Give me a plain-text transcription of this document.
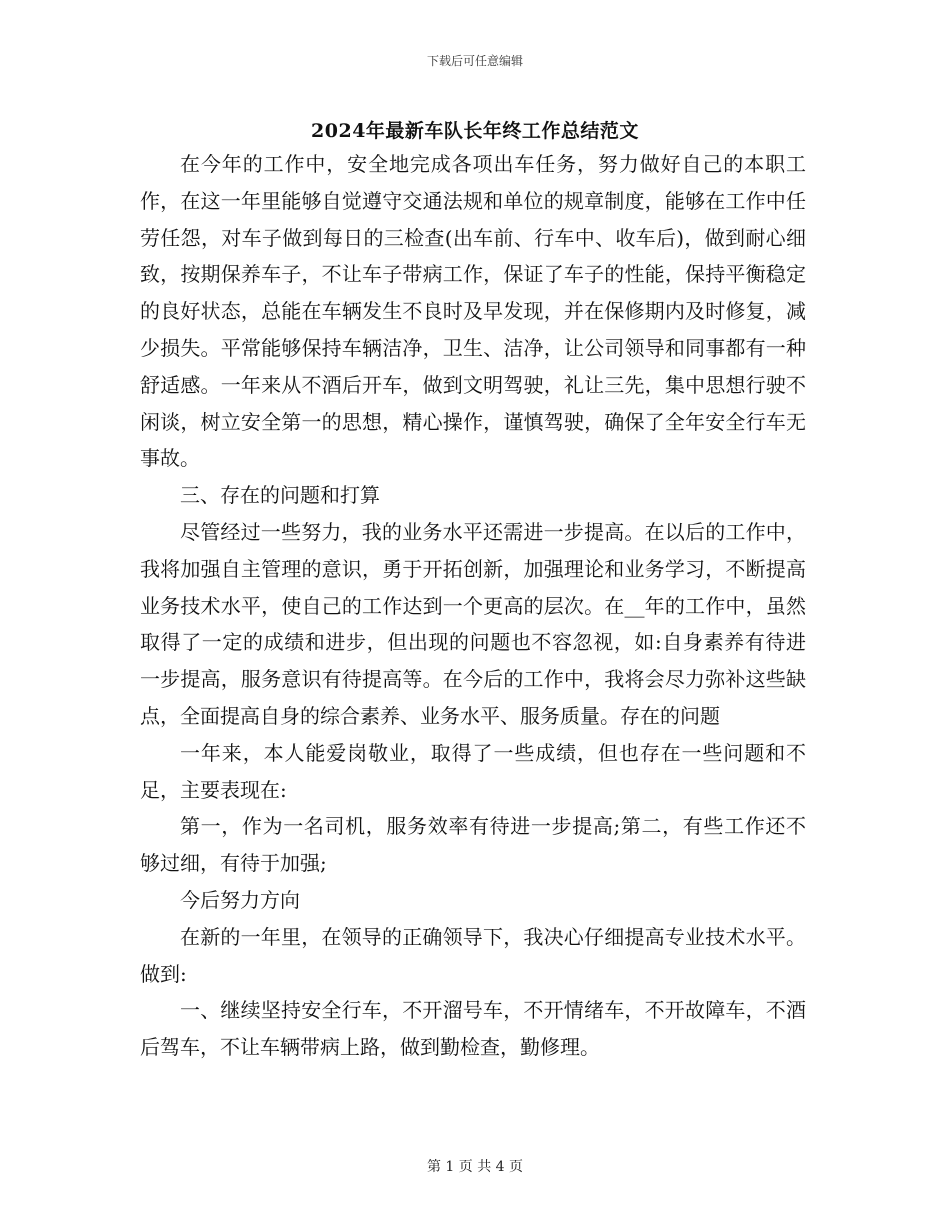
下载后可任意编辑
2024年最新车队长年终工作总结范文

在今年的工作中，安全地完成各项出车任务，努力做好自己的本职工作，在这一年里能够自觉遵守交通法规和单位的规章制度，能够在工作中任劳任怨，对车子做到每日的三检查(出车前、行车中、收车后)，做到耐心细致，按期保养车子，不让车子带病工作，保证了车子的性能，保持平衡稳定的良好状态，总能在车辆发生不良时及早发现，并在保修期内及时修复，减少损失。平常能够保持车辆洁净，卫生、洁净，让公司领导和同事都有一种舒适感。一年来从不酒后开车，做到文明驾驶，礼让三先，集中思想行驶不闲谈，树立安全第一的思想，精心操作，谨慎驾驶，确保了全年安全行车无事故。

三、存在的问题和打算

尽管经过一些努力，我的业务水平还需进一步提高。在以后的工作中，我将加强自主管理的意识，勇于开拓创新，加强理论和业务学习，不断提高业务技术水平，使自己的工作达到一个更高的层次。在__年的工作中，虽然取得了一定的成绩和进步，但出现的问题也不容忽视，如:自身素养有待进一步提高，服务意识有待提高等。在今后的工作中，我将会尽力弥补这些缺点，全面提高自身的综合素养、业务水平、服务质量。存在的问题

一年来，本人能爱岗敬业，取得了一些成绩，但也存在一些问题和不足，主要表现在:

第一，作为一名司机，服务效率有待进一步提高;第二，有些工作还不够过细，有待于加强;

今后努力方向

在新的一年里，在领导的正确领导下，我决心仔细提高专业技术水平。做到:

一、继续坚持安全行车，不开溜号车，不开情绪车，不开故障车，不酒后驾车，不让车辆带病上路，做到勤检查，勤修理。

第 1 页 共 4 页
